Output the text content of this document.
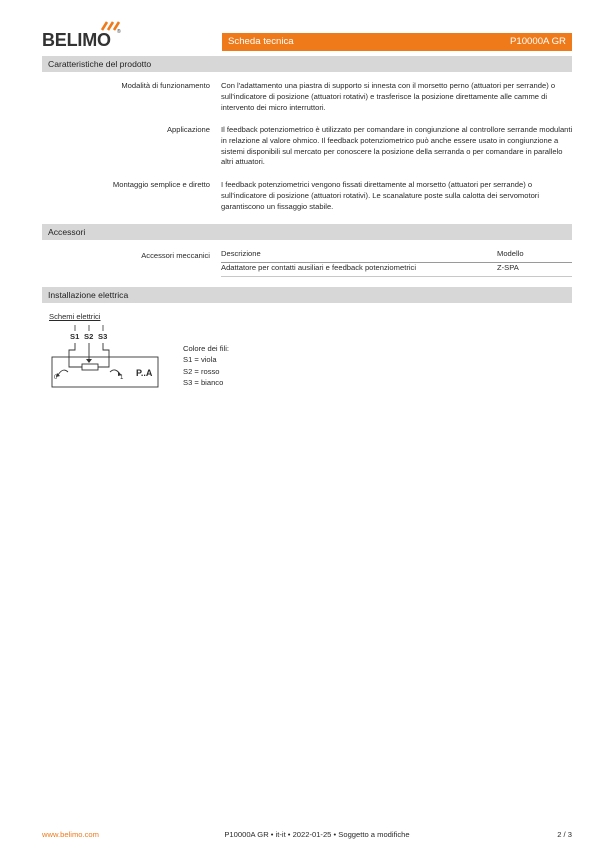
BELIMO ®
Scheda tecnica	P10000A GR
Caratteristiche del prodotto
Modalità di funzionamento Con l'adattamento una piastra di supporto si innesta con il morsetto perno (attuatori per serrande) o sull'indicatore di posizione (attuatori rotativi) e trasferisce la posizione direttamente alle camme di intervento dei micro interruttori.
Applicazione Il feedback potenziometrico è utilizzato per comandare in congiunzione al controllore serrande modulanti in relazione al valore ohmico. Il feedback potenziometrico può anche essere usato in congiunzione a sistemi disponibili sul mercato per conoscere la posizione della serranda o per comandare in parallelo altri attuatori.
Montaggio semplice e diretto I feedback potenziometrici vengono fissati direttamente al morsetto (attuatori per serrande) o sull'indicatore di posizione (attuatori rotativi). Le scanalature poste sulla calotta dei servomotori garantiscono un fissaggio stabile.
Accessori
Accessori meccanici Descrizione	Modello
Adattatore per contatti ausiliari e feedback potenziometrici	Z-SPA
Installazione elettrica
Schemi elettrici
S1 S2 S3
0	1 P..A
Colore dei fili:
S1 = viola
S2 = rosso
S3 = bianco
www.belimo.com	P10000A GR • it-it • 2022-01-25 • Soggetto a modifiche	2 / 3
